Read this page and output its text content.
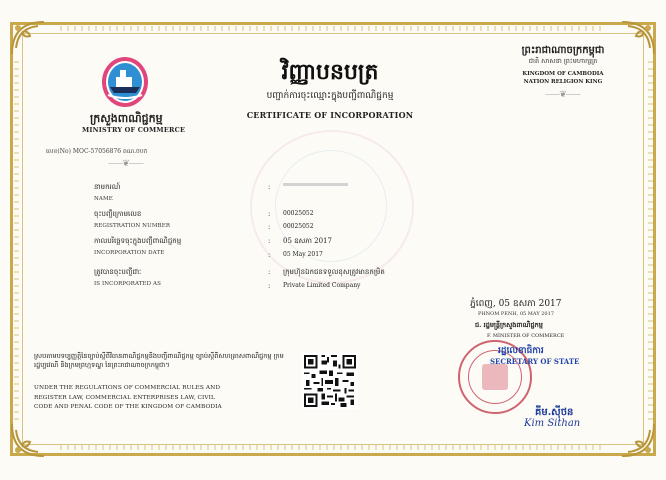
ក្រសួងពាណិជ្ជកម្ម
MINISTRY OF COMMERCE
លេខ(No) MOC-57056876 ពណ.ចបក
⸺❦⸺
វិញ្ញាបនបត្រ
បញ្ជាក់ការចុះឈ្មោះក្នុងបញ្ជីពាណិជ្ជកម្ម
CERTIFICATE OF INCORPORATION
ព្រះរាជាណាចក្រកម្ពុជា
ជាតិ សាសនា ព្រះមហាក្សត្រ
KINGDOM OF CAMBODIA
NATION RELIGION KING
⸺❦⸺
នាមករណ៍
NAME
:
ចុះបញ្ជីក្រោមលេខ
REGISTRATION NUMBER
: 00025052
: 00025052
កាលបរិច្ឆេទចុះក្នុងបញ្ជីពាណិជ្ជកម្ម
INCORPORATION DATE
: 05 ឧសភា 2017
: 05 May 2017
ត្រូវបានចុះបញ្ជីជាៈ
IS INCORPORATED AS
: ក្រុមហ៊ុនឯកជនទទួលខុសត្រូវមានកម្រិត
: Private Limited Company
ភ្នំពេញ, 05 ឧសភា 2017
PHNOM PENH, 05 MAY 2017
ជ. រដ្ឋមន្ត្រីក្រសួងពាណិជ្ជកម្ម
F. MINISTER OF COMMERCE
រដ្ឋលេខាធិការ
SECRETARY OF STATE
គីម.ស៊ីថន
Kim Sithan
ស្របតាមបទប្បញ្ញត្តិនៃច្បាប់ស្តីពីវិធានពាណិជ្ជកម្មនិងបញ្ជីពាណិជ្ជកម្ម ច្បាប់ស្តីពីសហគ្រាសពាណិជ្ជកម្ម ក្រមរដ្ឋប្បវេណី និងក្រមព្រហ្មទណ្ឌ នៃព្រះរាជាណាចក្រកម្ពុជា។
UNDER THE REGULATIONS OF COMMERCIAL RULES AND
REGISTER LAW, COMMERCIAL ENTERPRISES LAW, CIVIL
CODE AND PENAL CODE OF THE KINGDOM OF CAMBODIA
